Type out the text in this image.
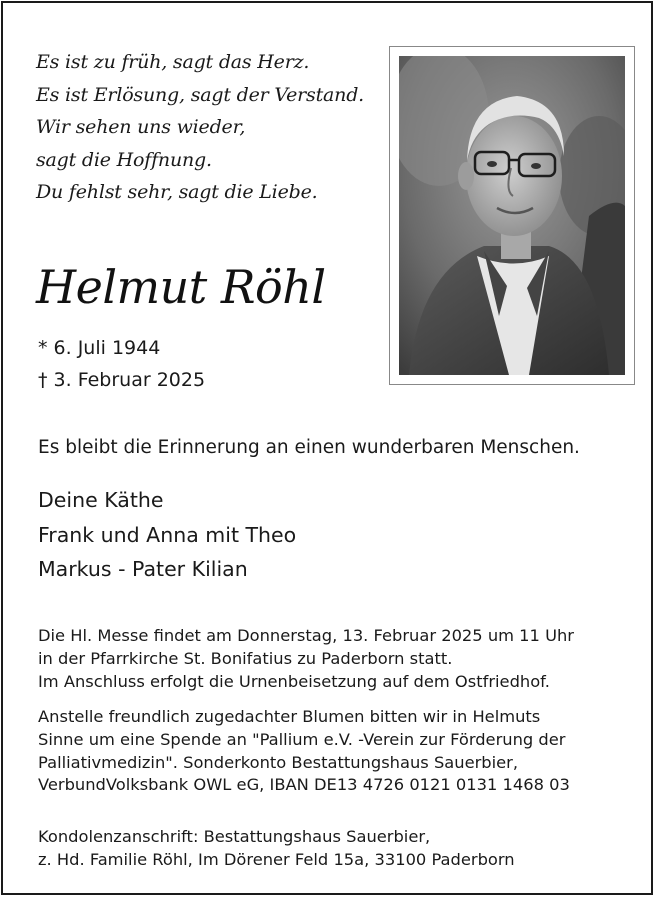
Es ist zu früh, sagt das Herz.
Es ist Erlösung, sagt der Verstand.
Wir sehen uns wieder,
sagt die Hoffnung.
Du fehlst sehr, sagt die Liebe.
Helmut Röhl
* 6. Juli 1944
† 3. Februar 2025
Es bleibt die Erinnerung an einen wunderbaren Menschen.
Deine Käthe
Frank und Anna mit Theo
Markus - Pater Kilian
Die Hl. Messe findet am Donnerstag, 13. Februar 2025 um 11 Uhr
in der Pfarrkirche St. Bonifatius zu Paderborn statt.
Im Anschluss erfolgt die Urnenbeisetzung auf dem Ostfriedhof.
Anstelle freundlich zugedachter Blumen bitten wir in Helmuts
Sinne um eine Spende an "Pallium e.V. -Verein zur Förderung der
Palliativmedizin". Sonderkonto Bestattungshaus Sauerbier,
VerbundVolksbank OWL eG, IBAN DE13 4726 0121 0131 1468 03
Kondolenzanschrift: Bestattungshaus Sauerbier,
z. Hd. Familie Röhl, Im Dörener Feld 15a, 33100 Paderborn
